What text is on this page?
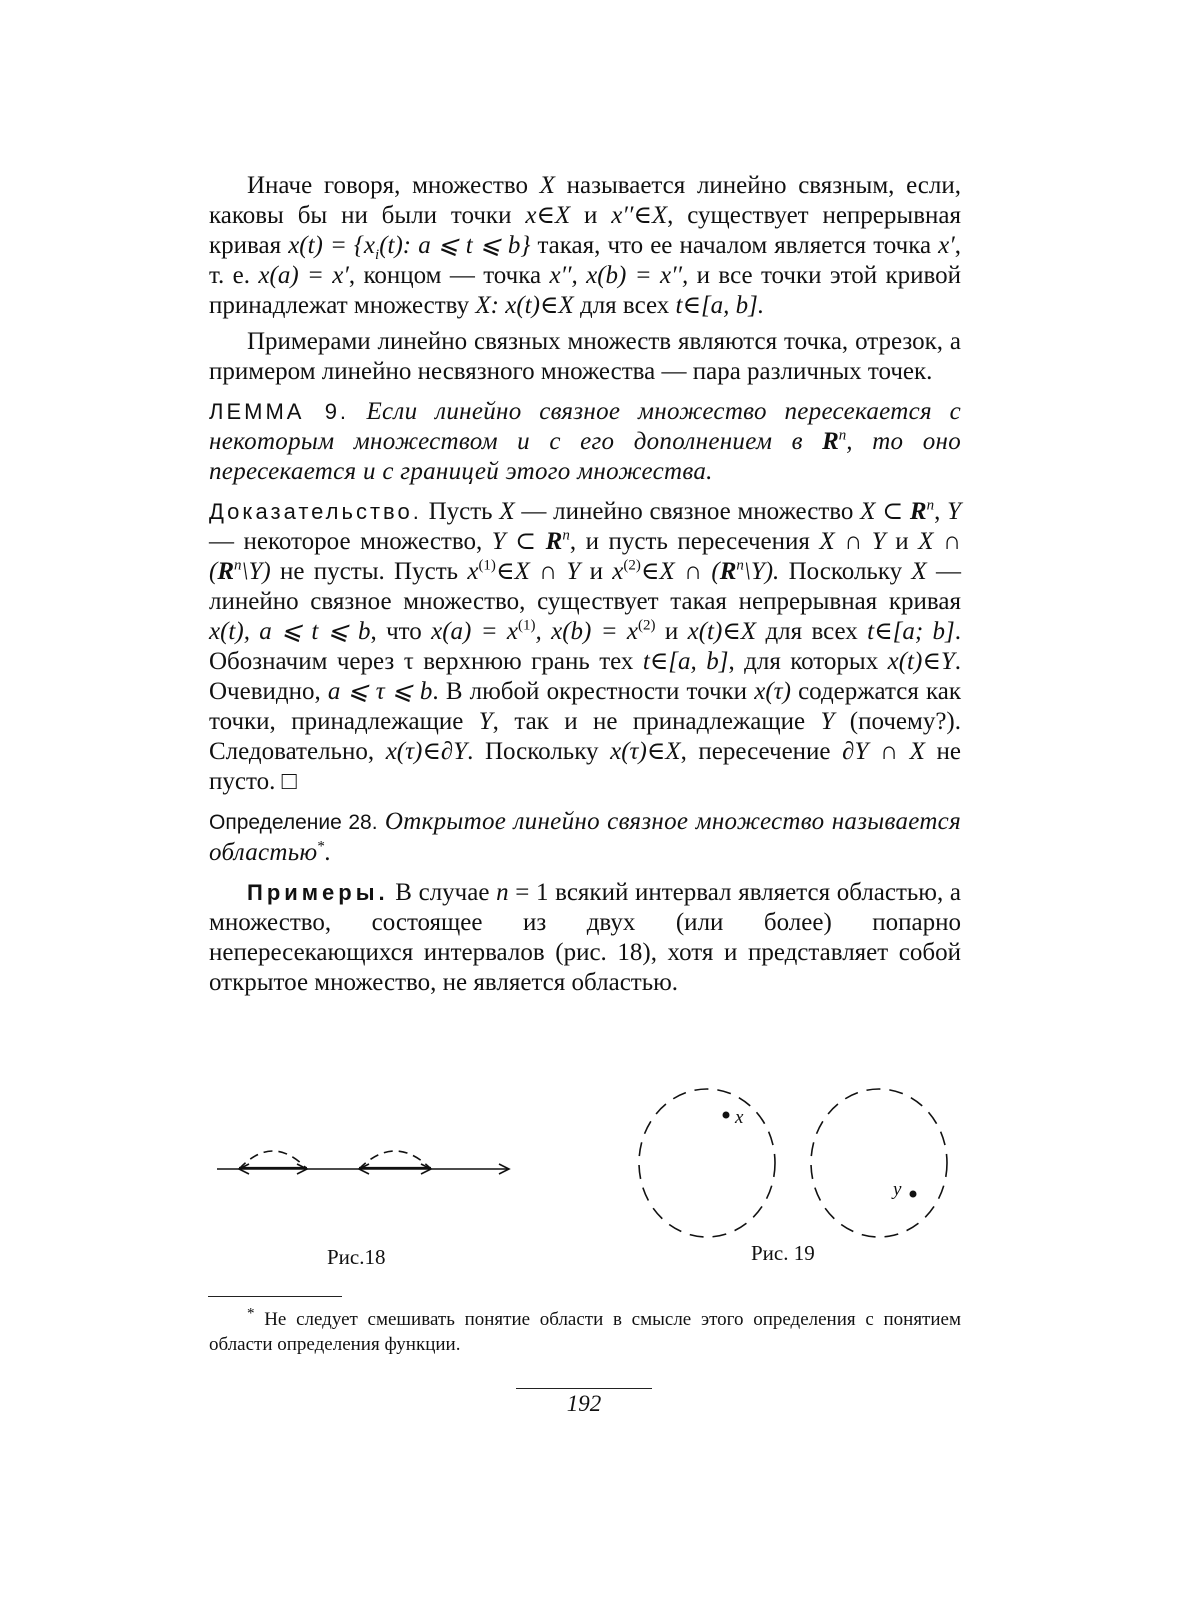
Иначе говоря, множество X называется линейно связным, если, каковы бы ни были точки x∈X и x′′∈X, существует непрерывная кривая $x(t) = \{x_i(t)$: a ⩽ t ⩽ b} такая, что ее началом является точка x′, т. е. x(a) = x′, концом — точка x′′, x(b) = x′′, и все точки этой кривой принадлежат множеству X: x(t)∈X для всех t∈[a, b].

Примерами линейно связных множеств являются точка, отрезок, а примером линейно несвязного множества — пара различных точек.

ЛЕММА 9. Если линейно связное множество пересекается с некоторым множеством и с его дополнением в $R^n$, то оно пересекается и с границей этого множества.

Доказательство. Пусть X — линейно связное множество X ⊂ $R^n$, Y — некоторое множество, Y ⊂ $R^n$, и пусть пересечения X ∩ Y и X ∩ $(R^n\backslash Y)$ не пусты. Пусть $x^{(1)}\in X$ ∩ Y и $x^{(2)}\in X$ ∩ $(R^n\backslash Y)$. Поскольку X — линейно связное множество, существует такая непрерывная кривая x(t), a ⩽ t ⩽ b, что $x(a) = x^{(1)}$, $x(b) = x^{(2)}$ и x(t)∈X для всех t∈[a; b]. Обозначим через τ верхнюю грань тех t∈[a, b], для которых x(t)∈Y. Очевидно, a ⩽ τ ⩽ b. В любой окрестности точки x(τ) содержатся как точки, принадлежащие Y, так и не принадлежащие Y (почему?). Следовательно, x(τ)∈∂Y. Поскольку x(τ)∈X, пересечение ∂Y ∩ X не пусто. □

Определение 28. Открытое линейно связное множество называется областью*.

Примеры. В случае n = 1 всякий интервал является областью, а множество, состоящее из двух (или более) попарно непересекающихся интервалов (рис. 18), хотя и представляет собой открытое множество, не является областью.

Рис.18
x
y
Рис. 19
* Не следует смешивать понятие области в смысле этого определения с понятием области определения функции.
192
